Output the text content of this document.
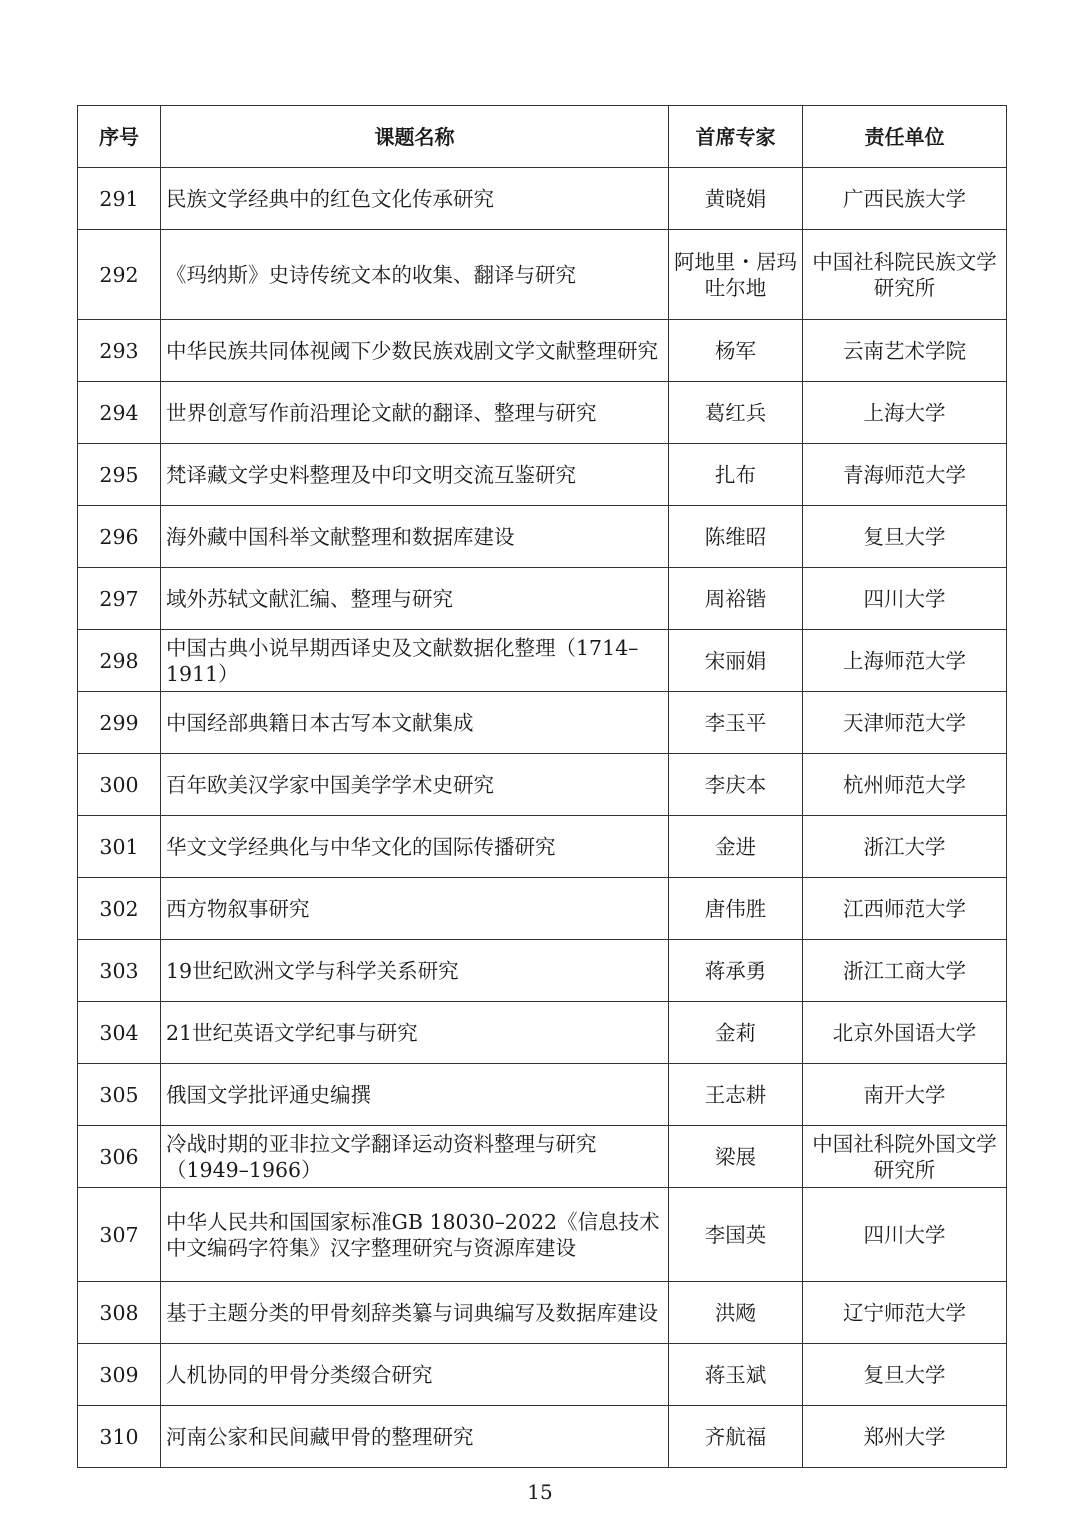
序号	课题名称	首席专家	责任单位
291	民族文学经典中的红色文化传承研究	黄晓娟	广西民族大学
292	《玛纳斯》史诗传统文本的收集、翻译与研究	阿地里・居玛吐尔地	中国社科院民族文学研究所
293	中华民族共同体视阈下少数民族戏剧文学文献整理研究	杨军	云南艺术学院
294	世界创意写作前沿理论文献的翻译、整理与研究	葛红兵	上海大学
295	梵译藏文学史料整理及中印文明交流互鉴研究	扎布	青海师范大学
296	海外藏中国科举文献整理和数据库建设	陈维昭	复旦大学
297	域外苏轼文献汇编、整理与研究	周裕锴	四川大学
298	中国古典小说早期西译史及文献数据化整理（1714–1911）	宋丽娟	上海师范大学
299	中国经部典籍日本古写本文献集成	李玉平	天津师范大学
300	百年欧美汉学家中国美学学术史研究	李庆本	杭州师范大学
301	华文文学经典化与中华文化的国际传播研究	金进	浙江大学
302	西方物叙事研究	唐伟胜	江西师范大学
303	19世纪欧洲文学与科学关系研究	蒋承勇	浙江工商大学
304	21世纪英语文学纪事与研究	金莉	北京外国语大学
305	俄国文学批评通史编撰	王志耕	南开大学
306	冷战时期的亚非拉文学翻译运动资料整理与研究（1949–1966）	梁展	中国社科院外国文学研究所
307	中华人民共和国国家标准GB 18030–2022《信息技术 中文编码字符集》汉字整理研究与资源库建设	李国英	四川大学
308	基于主题分类的甲骨刻辞类纂与词典编写及数据库建设	洪飏	辽宁师范大学
309	人机协同的甲骨分类缀合研究	蒋玉斌	复旦大学
310	河南公家和民间藏甲骨的整理研究	齐航福	郑州大学
15
